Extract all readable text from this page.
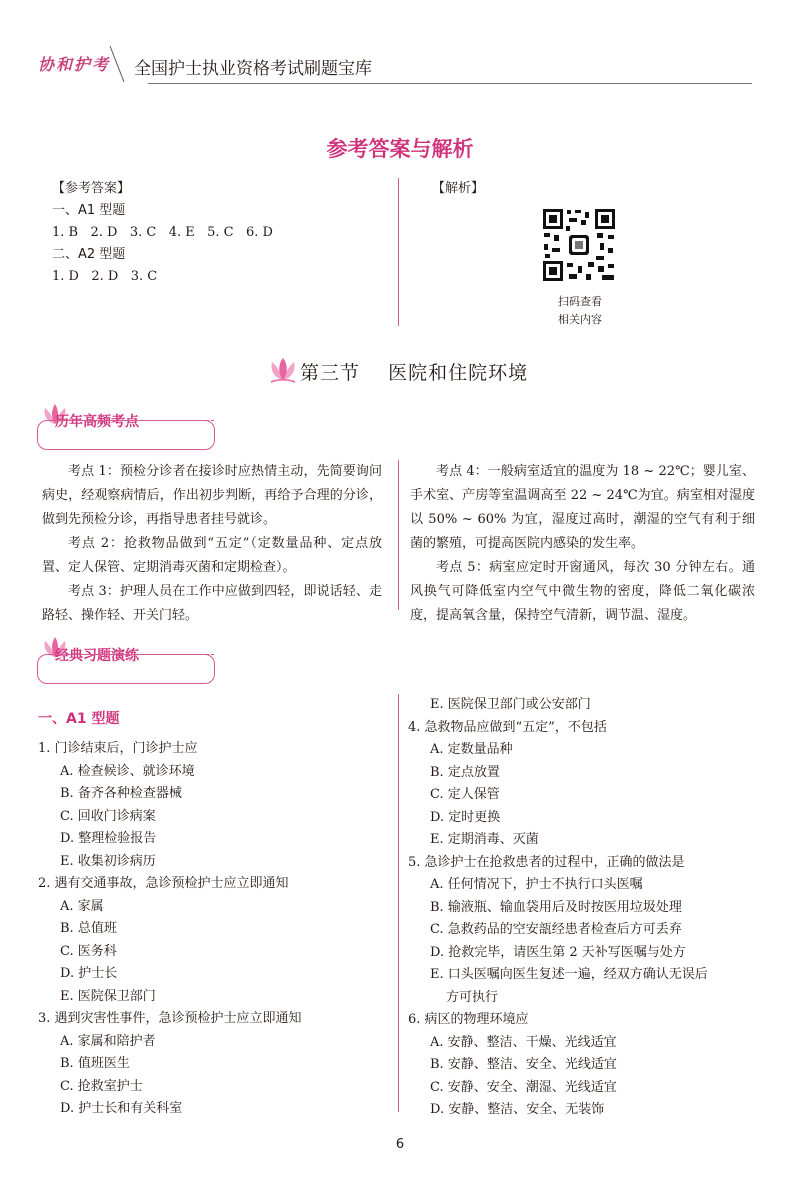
协和护考 全国护士执业资格考试刷题宝库
参考答案与解析
【参考答案】
一、A1 型题
1. B   2. D   3. C   4. E   5. C   6. D
二、A2 型题
1. D   2. D   3. C
【解析】
扫码查看
相关内容
第三节    医院和住院环境
历年高频考点

考点 1：预检分诊者在接诊时应热情主动，先简要询问病史，经观察病情后，作出初步判断，再给予合理的分诊，做到先预检分诊，再指导患者挂号就诊。

考点 2：抢救物品做到“五定”（定数量品种、定点放置、定人保管、定期消毒灭菌和定期检查）。

考点 3：护理人员在工作中应做到四轻，即说话轻、走路轻、操作轻、开关门轻。

考点 4：一般病室适宜的温度为 18 ~ 22℃；婴儿室、手术室、产房等室温调高至 22 ~ 24℃为宜。病室相对湿度以 50% ~ 60% 为宜，湿度过高时，潮湿的空气有利于细菌的繁殖，可提高医院内感染的发生率。

考点 5：病室应定时开窗通风，每次 30 分钟左右。通风换气可降低室内空气中微生物的密度，降低二氧化碳浓度，提高氧含量，保持空气清新，调节温、湿度。

经典习题演练
一、A1 型题
1. 门诊结束后，门诊护士应
A. 检查候诊、就诊环境
B. 备齐各种检查器械
C. 回收门诊病案
D. 整理检验报告
E. 收集初诊病历
2. 遇有交通事故，急诊预检护士应立即通知
A. 家属
B. 总值班
C. 医务科
D. 护士长
E. 医院保卫部门
3. 遇到灾害性事件，急诊预检护士应立即通知
A. 家属和陪护者
B. 值班医生
C. 抢救室护士
D. 护士长和有关科室
E. 医院保卫部门或公安部门
4. 急救物品应做到“五定”，不包括
A. 定数量品种
B. 定点放置
C. 定人保管
D. 定时更换
E. 定期消毒、灭菌
5. 急诊护士在抢救患者的过程中，正确的做法是
A. 任何情况下，护士不执行口头医嘱
B. 输液瓶、输血袋用后及时按医用垃圾处理
C. 急救药品的空安瓿经患者检查后方可丢弃
D. 抢救完毕，请医生第 2 天补写医嘱与处方
E. 口头医嘱向医生复述一遍，经双方确认无误后
方可执行
6. 病区的物理环境应
A. 安静、整洁、干燥、光线适宜
B. 安静、整洁、安全、光线适宜
C. 安静、安全、潮湿、光线适宜
D. 安静、整洁、安全、无装饰
6
